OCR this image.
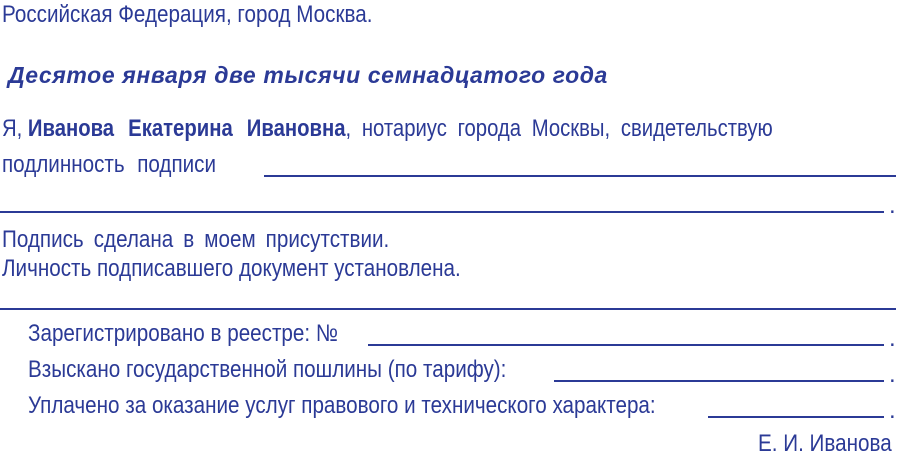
Российская Федерация, город Москва.
Десятое января две тысячи семнадцатого года
Я, Иванова Екатерина Ивановна, нотариус города Москвы, свидетельствую
подлинность подписи
.
Подпись сделана в моем присутствии.
Личность подписавшего документ установлена.
Зарегистрировано в реестре: №	.
Взыскано государственной пошлины (по тарифу):	.
Уплачено за оказание услуг правового и технического характера:	.
Е. И. Иванова
